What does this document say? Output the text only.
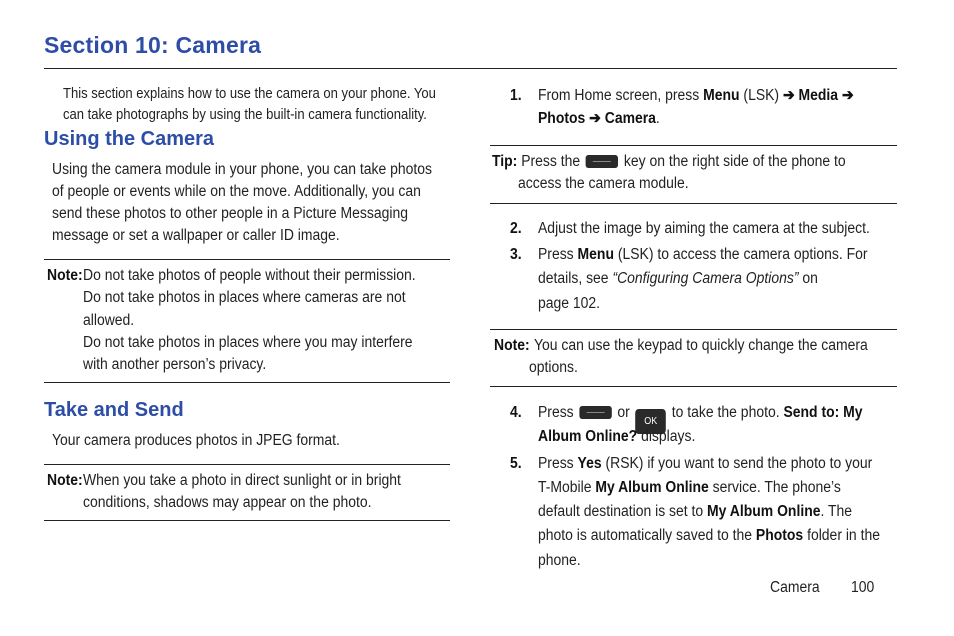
Section 10: Camera
This section explains how to use the camera on your phone. You
can take photographs by using the built-in camera functionality.
Using the Camera
Using the camera module in your phone, you can take photos
of people or events while on the move. Additionally, you can
send these photos to other people in a Picture Messaging
message or set a wallpaper or caller ID image.
Note: Do not take photos of people without their permission.
Do not take photos in places where cameras are not
allowed.
Do not take photos in places where you may interfere
with another person’s privacy.
Take and Send
Your camera produces photos in JPEG format.
Note: When you take a photo in direct sunlight or in bright
conditions, shadows may appear on the photo.
1. From Home screen, press Menu (LSK) ➔ Media ➔
Photos ➔ Camera.
Tip: Press the  key on the right side of the phone to
access the camera module.
2. Adjust the image by aiming the camera at the subject.
3. Press Menu (LSK) to access the camera options. For
details, see “Configuring Camera Options” on
page 102.
Note: You can use the keypad to quickly change the camera
options.
4. Press  or OK to take the photo. Send to: My
Album Online? displays.
5. Press Yes (RSK) if you want to send the photo to your
T-Mobile My Album Online service. The phone’s
default destination is set to My Album Online. The
photo is automatically saved to the Photos folder in the
phone.
Camera 100
